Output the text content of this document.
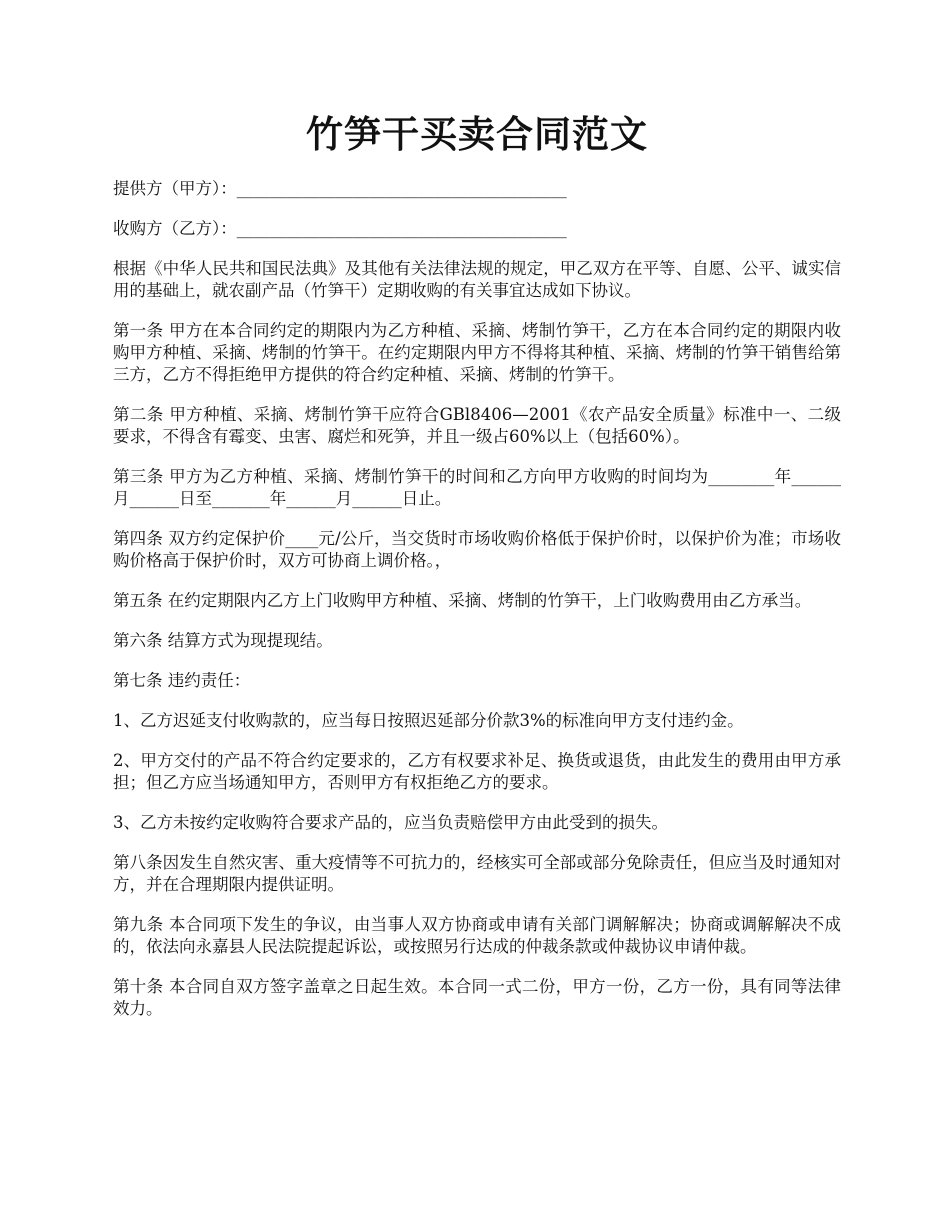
竹笋干买卖合同范文

提供方（甲方）：________________________________________

收购方（乙方）：________________________________________

根据《中华人民共和国民法典》及其他有关法律法规的规定，甲乙双方在平等、自愿、公平、诚实信用的基础上，就农副产品（竹笋干）定期收购的有关事宜达成如下协议。

第一条 甲方在本合同约定的期限内为乙方种植、采摘、烤制竹笋干，乙方在本合同约定的期限内收购甲方种植、采摘、烤制的竹笋干。在约定期限内甲方不得将其种植、采摘、烤制的竹笋干销售给第三方，乙方不得拒绝甲方提供的符合约定种植、采摘、烤制的竹笋干。

第二条 甲方种植、采摘、烤制竹笋干应符合GBl8406—2001《农产品安全质量》标准中一、二级要求，不得含有霉变、虫害、腐烂和死笋，并且一级占60%以上（包括60%）。

第三条 甲方为乙方种植、采摘、烤制竹笋干的时间和乙方向甲方收购的时间均为________年______月______日至_______年______月______日止。

第四条 双方约定保护价____元/公斤，当交货时市场收购价格低于保护价时，以保护价为准；市场收购价格高于保护价时，双方可协商上调价格。，

第五条 在约定期限内乙方上门收购甲方种植、采摘、烤制的竹笋干，上门收购费用由乙方承当。

第六条 结算方式为现提现结。

第七条 违约责任：

1、乙方迟延支付收购款的，应当每日按照迟延部分价款3%的标准向甲方支付违约金。

2、甲方交付的产品不符合约定要求的，乙方有权要求补足、换货或退货，由此发生的费用由甲方承担；但乙方应当场通知甲方，否则甲方有权拒绝乙方的要求。

3、乙方未按约定收购符合要求产品的，应当负责赔偿甲方由此受到的损失。

第八条因发生自然灾害、重大疫情等不可抗力的，经核实可全部或部分免除责任，但应当及时通知对方，并在合理期限内提供证明。

第九条 本合同项下发生的争议，由当事人双方协商或申请有关部门调解解决；协商或调解解决不成的，依法向永嘉县人民法院提起诉讼，或按照另行达成的仲裁条款或仲裁协议申请仲裁。

第十条 本合同自双方签字盖章之日起生效。本合同一式二份，甲方一份，乙方一份，具有同等法律效力。
